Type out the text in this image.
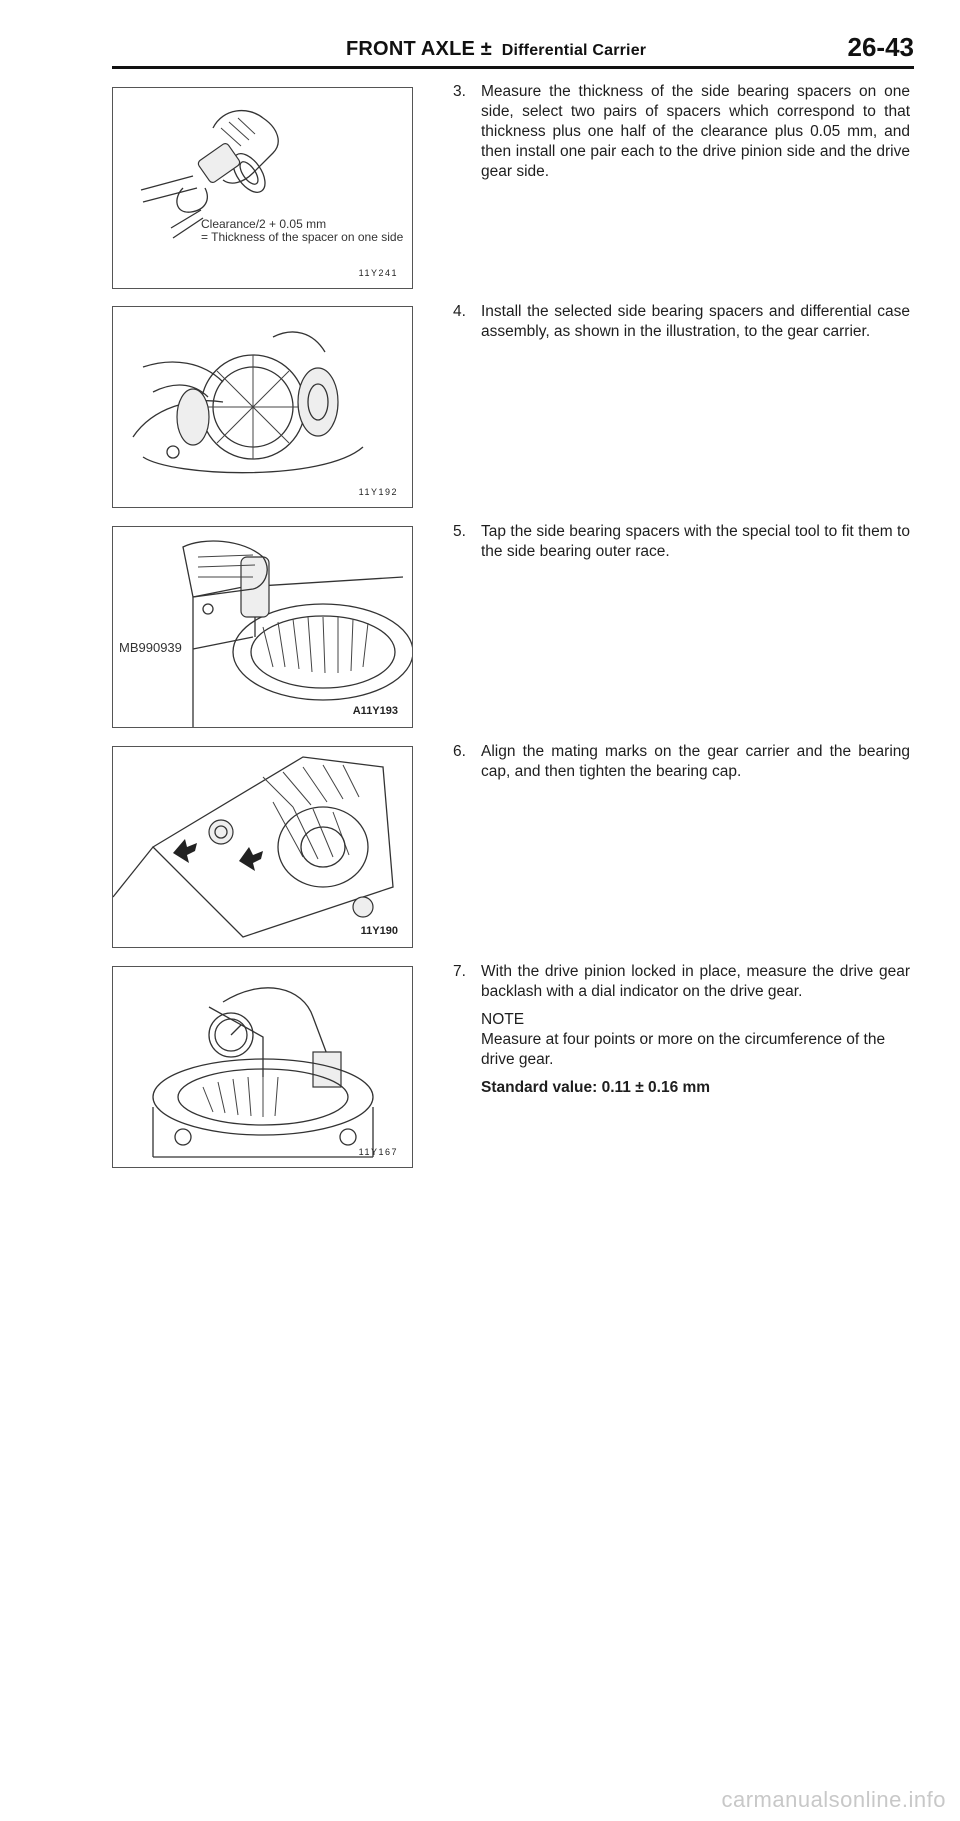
FRONT AXLE ± Differential Carrier	26-43
Clearance/2 + 0.05 mm
= Thickness of the spacer on one side
11Y241
3. Measure the thickness of the side bearing spacers on one side, select two pairs of spacers which correspond to that thickness plus one half of the clearance plus 0.05 mm, and then install one pair each to the drive pinion side and the drive gear side.
11Y192
4. Install the selected side bearing spacers and differential case assembly, as shown in the illustration, to the gear carrier.
MB990939
A11Y193
5. Tap the side bearing spacers with the special tool to fit them to the side bearing outer race.
11Y190
6. Align the mating marks on the gear carrier and the bearing cap, and then tighten the bearing cap.
11Y167
7. With the drive pinion locked in place, measure the drive gear backlash with a dial indicator on the drive gear.
NOTE
Measure at four points or more on the circumference of the drive gear.
Standard value: 0.11 ± 0.16 mm
carmanualsonline.info
